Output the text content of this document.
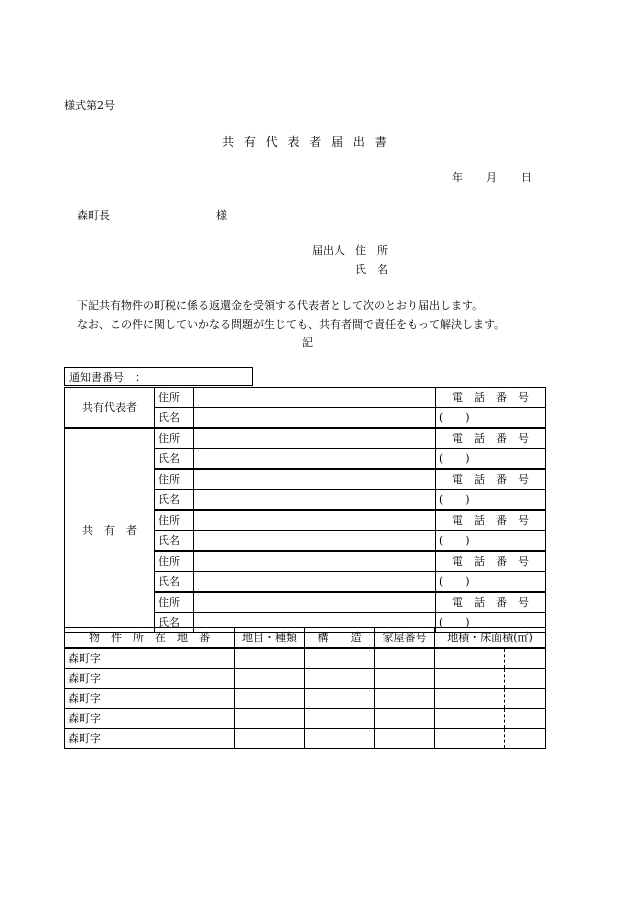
様式第2号
共 有 代 表 者 届 出 書
年 月 日
森町長	様
届出人 住　所
氏　名
下記共有物件の町税に係る返還金を受領する代表者として次のとおり届出します。
なお、この件に関していかなる問題が生じても、共有者間で責任をもって解決します。
記
通知書番号　：
共有代表者	住所		電　話　番　号
	氏名		(　　)
共　有　者	住所		電　話　番　号
	氏名		(　　)
	住所		電　話　番　号
	氏名		(　　)
	住所		電　話　番　号
	氏名		(　　)
	住所		電　話　番　号
	氏名		(　　)
	住所		電　話　番　号
	氏名		(　　)
物　件　所　在　地　番	地目・種類	構　　造	家屋番号	地積・床面積(㎡)	
森町字					
森町字					
森町字					
森町字					
森町字					
